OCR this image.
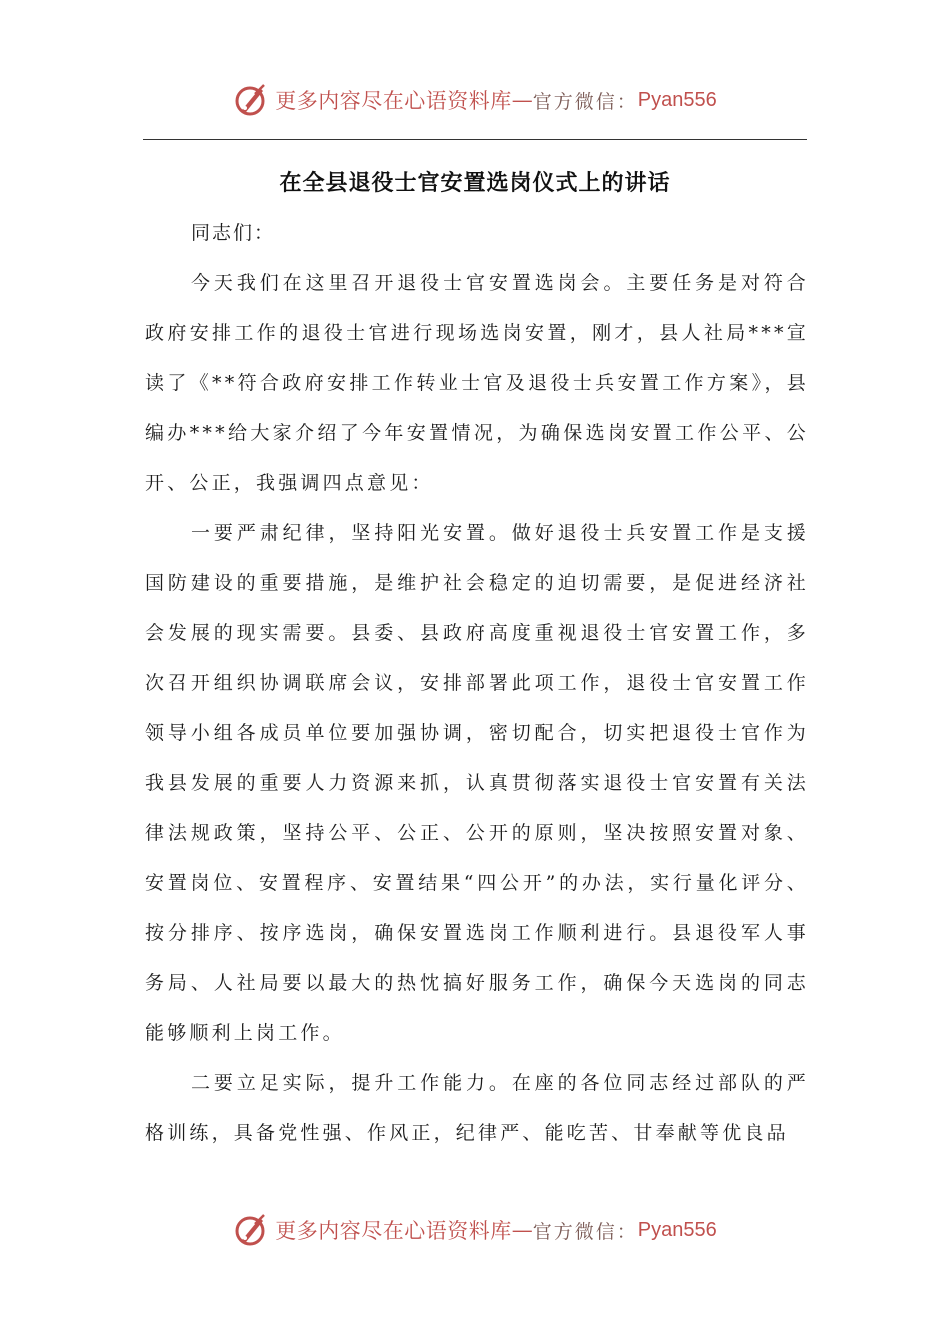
更多内容尽在心语资料库 — 官方微信： Pyan556
在全县退役士官安置选岗仪式上的讲话

同志们：

今天我们在这里召开退役士官安置选岗会。主要任务是对符合政府安排工作的退役士官进行现场选岗安置，刚才，县人社局***宣读了《**符合政府安排工作转业士官及退役士兵安置工作方案》，县编办***给大家介绍了今年安置情况，为确保选岗安置工作公平、公开、公正，我强调四点意见：

一要严肃纪律，坚持阳光安置。做好退役士兵安置工作是支援国防建设的重要措施，是维护社会稳定的迫切需要，是促进经济社会发展的现实需要。县委、县政府高度重视退役士官安置工作，多次召开组织协调联席会议，安排部署此项工作，退役士官安置工作领导小组各成员单位要加强协调，密切配合，切实把退役士官作为我县发展的重要人力资源来抓，认真贯彻落实退役士官安置有关法律法规政策，坚持公平、公正、公开的原则，坚决按照安置对象、安置岗位、安置程序、安置结果“四公开”的办法，实行量化评分、按分排序、按序选岗，确保安置选岗工作顺利进行。县退役军人事务局、人社局要以最大的热忱搞好服务工作，确保今天选岗的同志能够顺利上岗工作。

二要立足实际，提升工作能力。在座的各位同志经过部队的严格训练，具备党性强、作风正，纪律严、能吃苦、甘奉献等优良品

更多内容尽在心语资料库 — 官方微信： Pyan556
